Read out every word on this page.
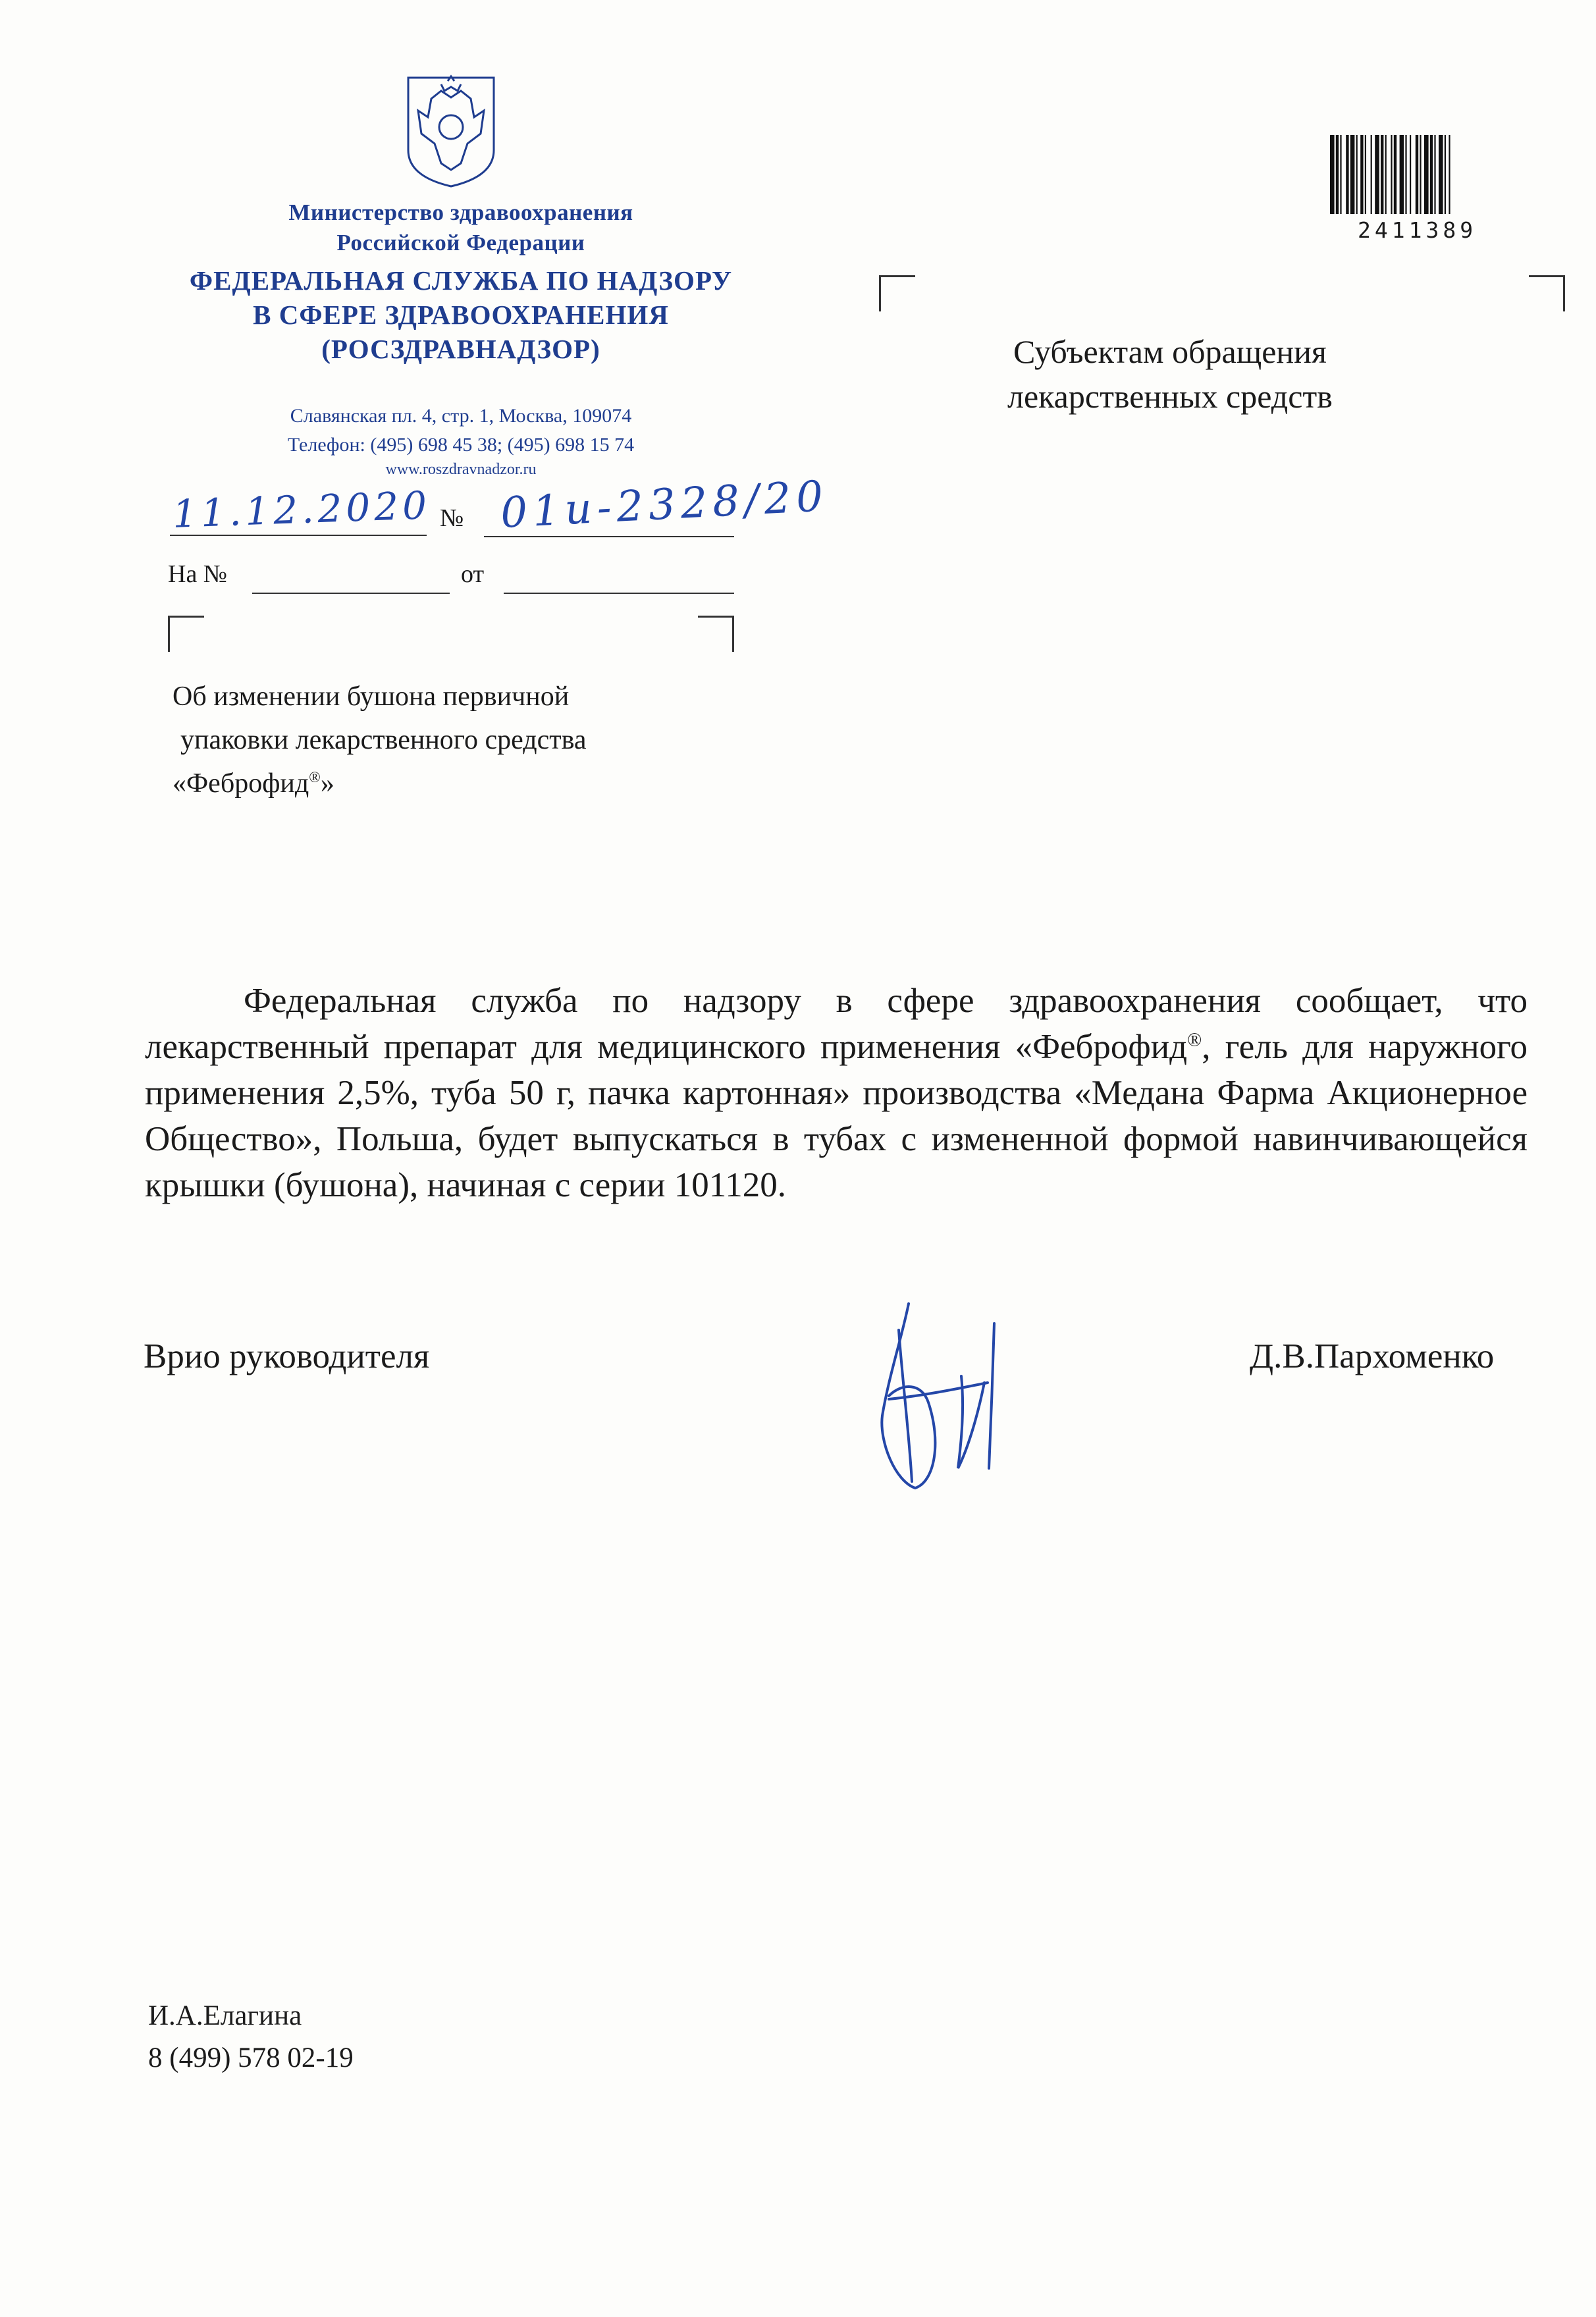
Министерство здравоохранения
Российской Федерации
ФЕДЕРАЛЬНАЯ СЛУЖБА ПО НАДЗОРУ
В СФЕРЕ ЗДРАВООХРАНЕНИЯ
(РОСЗДРАВНАДЗОР)
Славянская пл. 4, стр. 1, Москва, 109074
Телефон: (495) 698 45 38; (495) 698 15 74
www.roszdravnadzor.ru
11.12.2020 № 01и-2328/20
На №	от
Об изменении бушона первичной
упаковки лекарственного средства
«Феброфид®»
Субъектам обращения
лекарственных средств
2411389
Федеральная служба по надзору в сфере здравоохранения сообщает, что лекарственный препарат для медицинского применения «Феброфид®, гель для наружного применения 2,5%, туба 50 г, пачка картонная» производства «Медана Фарма Акционерное Общество», Польша, будет выпускаться в тубах с измененной формой навинчивающейся крышки (бушона), начиная с серии 101120.
Врио руководителя	Д.В.Пархоменко
И.А.Елагина
8 (499) 578 02-19
